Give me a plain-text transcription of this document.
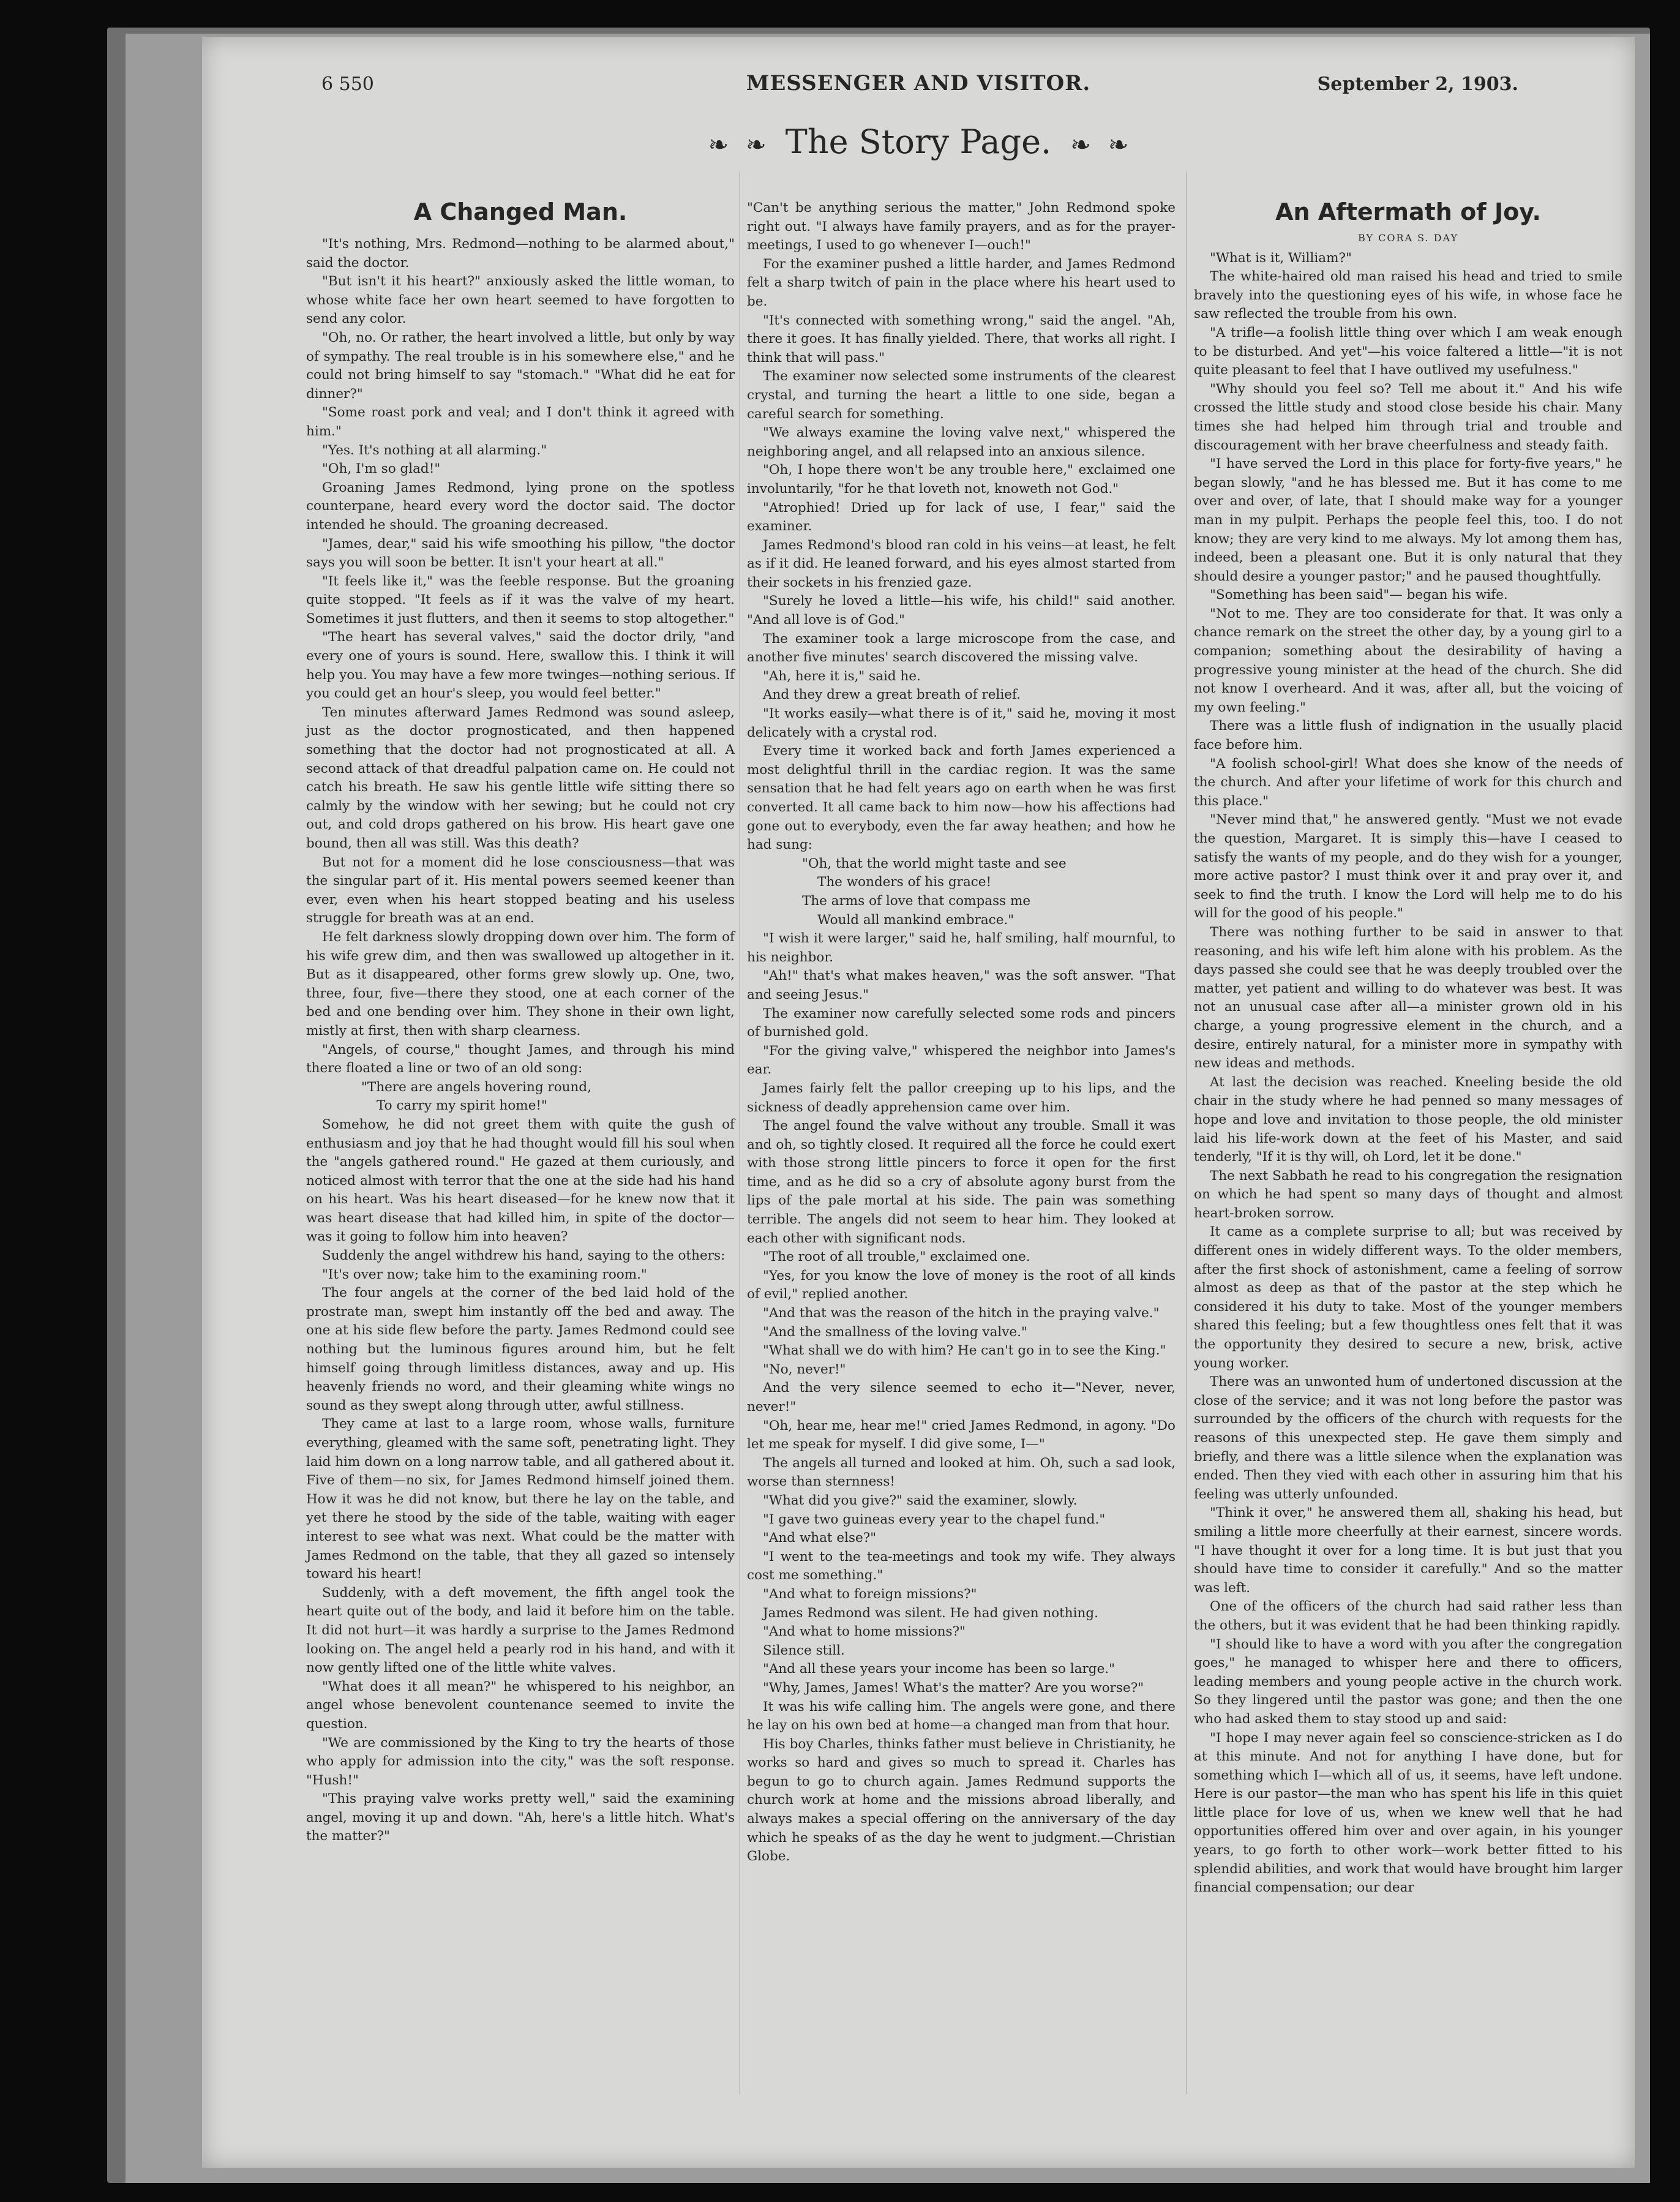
6 550	MESSENGER AND VISITOR.	September 2, 1903.
❧ ❧ The Story Page. ❧ ❧
A Changed Man.

"It's nothing, Mrs. Redmond—nothing to be alarmed about," said the doctor.

"But isn't it his heart?" anxiously asked the little woman, to whose white face her own heart seemed to have forgotten to send any color.

"Oh, no. Or rather, the heart involved a little, but only by way of sympathy. The real trouble is in his somewhere else," and he could not bring himself to say "stomach." "What did he eat for dinner?"

"Some roast pork and veal; and I don't think it agreed with him."

"Yes. It's nothing at all alarming."

"Oh, I'm so glad!"

Groaning James Redmond, lying prone on the spotless counterpane, heard every word the doctor said. The doctor intended he should. The groaning decreased.

"James, dear," said his wife smoothing his pillow, "the doctor says you will soon be better. It isn't your heart at all."

"It feels like it," was the feeble response. But the groaning quite stopped. "It feels as if it was the valve of my heart. Sometimes it just flutters, and then it seems to stop altogether."

"The heart has several valves," said the doctor drily, "and every one of yours is sound. Here, swallow this. I think it will help you. You may have a few more twinges—nothing serious. If you could get an hour's sleep, you would feel better."

Ten minutes afterward James Redmond was sound asleep, just as the doctor prognosticated, and then happened something that the doctor had not prognosticated at all. A second attack of that dreadful palpation came on. He could not catch his breath. He saw his gentle little wife sitting there so calmly by the window with her sewing; but he could not cry out, and cold drops gathered on his brow. His heart gave one bound, then all was still. Was this death?

But not for a moment did he lose consciousness—that was the singular part of it. His mental powers seemed keener than ever, even when his heart stopped beating and his useless struggle for breath was at an end.

He felt darkness slowly dropping down over him. The form of his wife grew dim, and then was swallowed up altogether in it. But as it disappeared, other forms grew slowly up. One, two, three, four, five—there they stood, one at each corner of the bed and one bending over him. They shone in their own light, mistly at first, then with sharp clearness.

"Angels, of course," thought James, and through his mind there floated a line or two of an old song:

"There are angels hovering round,

To carry my spirit home!"

Somehow, he did not greet them with quite the gush of enthusiasm and joy that he had thought would fill his soul when the "angels gathered round." He gazed at them curiously, and noticed almost with terror that the one at the side had his hand on his heart. Was his heart diseased—for he knew now that it was heart disease that had killed him, in spite of the doctor—was it going to follow him into heaven?

Suddenly the angel withdrew his hand, saying to the others:

"It's over now; take him to the examining room."

The four angels at the corner of the bed laid hold of the prostrate man, swept him instantly off the bed and away. The one at his side flew before the party. James Redmond could see nothing but the luminous figures around him, but he felt himself going through limitless distances, away and up. His heavenly friends no word, and their gleaming white wings no sound as they swept along through utter, awful stillness.

They came at last to a large room, whose walls, furniture everything, gleamed with the same soft, penetrating light. They laid him down on a long narrow table, and all gathered about it. Five of them—no six, for James Redmond himself joined them. How it was he did not know, but there he lay on the table, and yet there he stood by the side of the table, waiting with eager interest to see what was next. What could be the matter with James Redmond on the table, that they all gazed so intensely toward his heart!

Suddenly, with a deft movement, the fifth angel took the heart quite out of the body, and laid it before him on the table. It did not hurt—it was hardly a surprise to the James Redmond looking on. The angel held a pearly rod in his hand, and with it now gently lifted one of the little white valves.

"What does it all mean?" he whispered to his neighbor, an angel whose benevolent countenance seemed to invite the question.

"We are commissioned by the King to try the hearts of those who apply for admission into the city," was the soft response. "Hush!"

"This praying valve works pretty well," said the examining angel, moving it up and down. "Ah, here's a little hitch. What's the matter?"

"Can't be anything serious the matter," John Redmond spoke right out. "I always have family prayers, and as for the prayer-meetings, I used to go whenever I—ouch!"

For the examiner pushed a little harder, and James Redmond felt a sharp twitch of pain in the place where his heart used to be.

"It's connected with something wrong," said the angel. "Ah, there it goes. It has finally yielded. There, that works all right. I think that will pass."

The examiner now selected some instruments of the clearest crystal, and turning the heart a little to one side, began a careful search for something.

"We always examine the loving valve next," whispered the neighboring angel, and all relapsed into an anxious silence.

"Oh, I hope there won't be any trouble here," exclaimed one involuntarily, "for he that loveth not, knoweth not God."

"Atrophied! Dried up for lack of use, I fear," said the examiner.

James Redmond's blood ran cold in his veins—at least, he felt as if it did. He leaned forward, and his eyes almost started from their sockets in his frenzied gaze.

"Surely he loved a little—his wife, his child!" said another. "And all love is of God."

The examiner took a large microscope from the case, and another five minutes' search discovered the missing valve.

"Ah, here it is," said he.

And they drew a great breath of relief.

"It works easily—what there is of it," said he, moving it most delicately with a crystal rod.

Every time it worked back and forth James experienced a most delightful thrill in the cardiac region. It was the same sensation that he had felt years ago on earth when he was first converted. It all came back to him now—how his affections had gone out to everybody, even the far away heathen; and how he had sung:

"Oh, that the world might taste and see

The wonders of his grace!

The arms of love that compass me

Would all mankind embrace."

"I wish it were larger," said he, half smiling, half mournful, to his neighbor.

"Ah!" that's what makes heaven," was the soft answer. "That and seeing Jesus."

The examiner now carefully selected some rods and pincers of burnished gold.

"For the giving valve," whispered the neighbor into James's ear.

James fairly felt the pallor creeping up to his lips, and the sickness of deadly apprehension came over him.

The angel found the valve without any trouble. Small it was and oh, so tightly closed. It required all the force he could exert with those strong little pincers to force it open for the first time, and as he did so a cry of absolute agony burst from the lips of the pale mortal at his side. The pain was something terrible. The angels did not seem to hear him. They looked at each other with significant nods.

"The root of all trouble," exclaimed one.

"Yes, for you know the love of money is the root of all kinds of evil," replied another.

"And that was the reason of the hitch in the praying valve."

"And the smallness of the loving valve."

"What shall we do with him? He can't go in to see the King."

"No, never!"

And the very silence seemed to echo it—"Never, never, never!"

"Oh, hear me, hear me!" cried James Redmond, in agony. "Do let me speak for myself. I did give some, I—"

The angels all turned and looked at him. Oh, such a sad look, worse than sternness!

"What did you give?" said the examiner, slowly.

"I gave two guineas every year to the chapel fund."

"And what else?"

"I went to the tea-meetings and took my wife. They always cost me something."

"And what to foreign missions?"

James Redmond was silent. He had given nothing.

"And what to home missions?"

Silence still.

"And all these years your income has been so large."

"Why, James, James! What's the matter? Are you worse?"

It was his wife calling him. The angels were gone, and there he lay on his own bed at home—a changed man from that hour.

His boy Charles, thinks father must believe in Christianity, he works so hard and gives so much to spread it. Charles has begun to go to church again. James Redmund supports the church work at home and the missions abroad liberally, and always makes a special offering on the anniversary of the day which he speaks of as the day he went to judgment.—Christian Globe.

An Aftermath of Joy.
BY CORA S. DAY

"What is it, William?"

The white-haired old man raised his head and tried to smile bravely into the questioning eyes of his wife, in whose face he saw reflected the trouble from his own.

"A trifle—a foolish little thing over which I am weak enough to be disturbed. And yet"—his voice faltered a little—"it is not quite pleasant to feel that I have outlived my usefulness."

"Why should you feel so? Tell me about it." And his wife crossed the little study and stood close beside his chair. Many times she had helped him through trial and trouble and discouragement with her brave cheerfulness and steady faith.

"I have served the Lord in this place for forty-five years," he began slowly, "and he has blessed me. But it has come to me over and over, of late, that I should make way for a younger man in my pulpit. Perhaps the people feel this, too. I do not know; they are very kind to me always. My lot among them has, indeed, been a pleasant one. But it is only natural that they should desire a younger pastor;" and he paused thoughtfully.

"Something has been said"— began his wife.

"Not to me. They are too considerate for that. It was only a chance remark on the street the other day, by a young girl to a companion; something about the desirability of having a progressive young minister at the head of the church. She did not know I overheard. And it was, after all, but the voicing of my own feeling."

There was a little flush of indignation in the usually placid face before him.

"A foolish school-girl! What does she know of the needs of the church. And after your lifetime of work for this church and this place."

"Never mind that," he answered gently. "Must we not evade the question, Margaret. It is simply this—have I ceased to satisfy the wants of my people, and do they wish for a younger, more active pastor? I must think over it and pray over it, and seek to find the truth. I know the Lord will help me to do his will for the good of his people."

There was nothing further to be said in answer to that reasoning, and his wife left him alone with his problem. As the days passed she could see that he was deeply troubled over the matter, yet patient and willing to do whatever was best. It was not an unusual case after all—a minister grown old in his charge, a young progressive element in the church, and a desire, entirely natural, for a minister more in sympathy with new ideas and methods.

At last the decision was reached. Kneeling beside the old chair in the study where he had penned so many messages of hope and love and invitation to those people, the old minister laid his life-work down at the feet of his Master, and said tenderly, "If it is thy will, oh Lord, let it be done."

The next Sabbath he read to his congregation the resignation on which he had spent so many days of thought and almost heart-broken sorrow.

It came as a complete surprise to all; but was received by different ones in widely different ways. To the older members, after the first shock of astonishment, came a feeling of sorrow almost as deep as that of the pastor at the step which he considered it his duty to take. Most of the younger members shared this feeling; but a few thoughtless ones felt that it was the opportunity they desired to secure a new, brisk, active young worker.

There was an unwonted hum of undertoned discussion at the close of the service; and it was not long before the pastor was surrounded by the officers of the church with requests for the reasons of this unexpected step. He gave them simply and briefly, and there was a little silence when the explanation was ended. Then they vied with each other in assuring him that his feeling was utterly unfounded.

"Think it over," he answered them all, shaking his head, but smiling a little more cheerfully at their earnest, sincere words. "I have thought it over for a long time. It is but just that you should have time to consider it carefully." And so the matter was left.

One of the officers of the church had said rather less than the others, but it was evident that he had been thinking rapidly.

"I should like to have a word with you after the congregation goes," he managed to whisper here and there to officers, leading members and young people active in the church work. So they lingered until the pastor was gone; and then the one who had asked them to stay stood up and said:

"I hope I may never again feel so conscience-stricken as I do at this minute. And not for anything I have done, but for something which I—which all of us, it seems, have left undone. Here is our pastor—the man who has spent his life in this quiet little place for love of us, when we knew well that he had opportunities offered him over and over again, in his younger years, to go forth to other work—work better fitted to his splendid abilities, and work that would have brought him larger financial compensation; our dear
